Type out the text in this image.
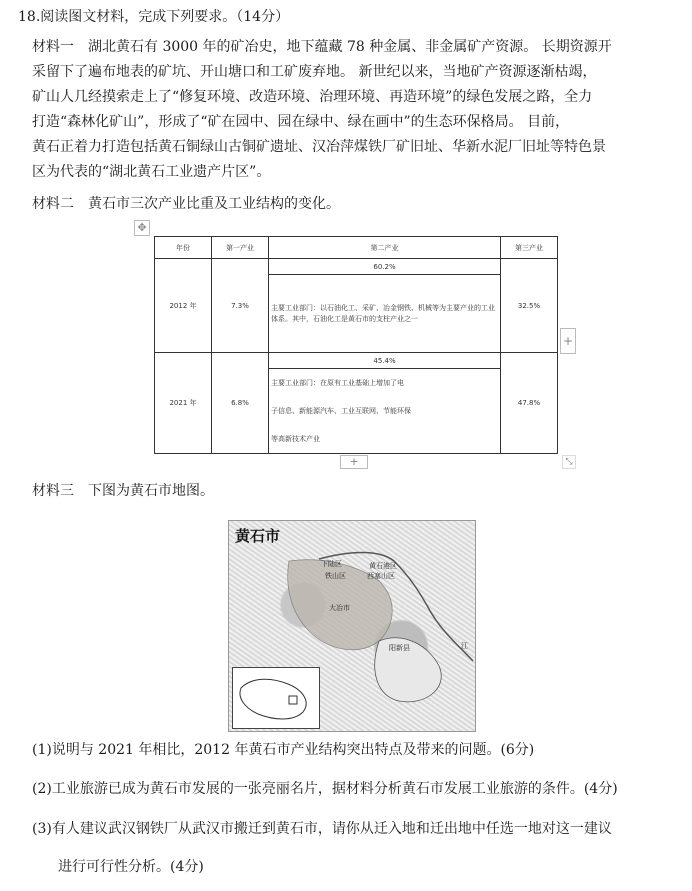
18.阅读图文材料，完成下列要求。（14分）
材料一　湖北黄石有 3000 年的矿冶史，地下蕴藏 78 种金属、非金属矿产资源。 长期资源开
采留下了遍布地表的矿坑、开山塘口和工矿废弃地。 新世纪以来，当地矿产资源逐渐枯竭，
矿山人几经摸索走上了“修复环境、改造环境、治理环境、再造环境”的绿色发展之路，全力
打造“森林化矿山”，形成了“矿在园中、园在绿中、绿在画中”的生态环保格局。 目前，
黄石正着力打造包括黄石铜绿山古铜矿遗址、汉冶萍煤铁厂矿旧址、华新水泥厂旧址等特色景
区为代表的“湖北黄石工业遗产片区”。
材料二　黄石市三次产业比重及工业结构的变化。
✥
年份	第一产业	第二产业	第三产业
2012 年	7.3%	60.2%	32.5%
		主要工业部门：以石油化工、采矿、冶金钢铁、机械等为主要产业的工业体系。其中，石油化工是黄石市的支柱产业之一	
2021 年	6.8%	45.4%	47.8%

		主要工业部门：在原有工业基础上增加了电
子信息、新能源汽车、工业互联网、节能环保
等高新技术产业	
+
+	⤡
材料三　下图为黄石市地图。
黄石市
下陆区	黄石港区
西塞山区
铁山区
大冶市
阳新县	江
(1)说明与 2021 年相比，2012 年黄石市产业结构突出特点及带来的问题。(6分)
(2)工业旅游已成为黄石市发展的一张亮丽名片，据材料分析黄石市发展工业旅游的条件。(4分)
(3)有人建议武汉钢铁厂从武汉市搬迁到黄石市，请你从迁入地和迁出地中任选一地对这一建议
进行可行性分析。(4分)
